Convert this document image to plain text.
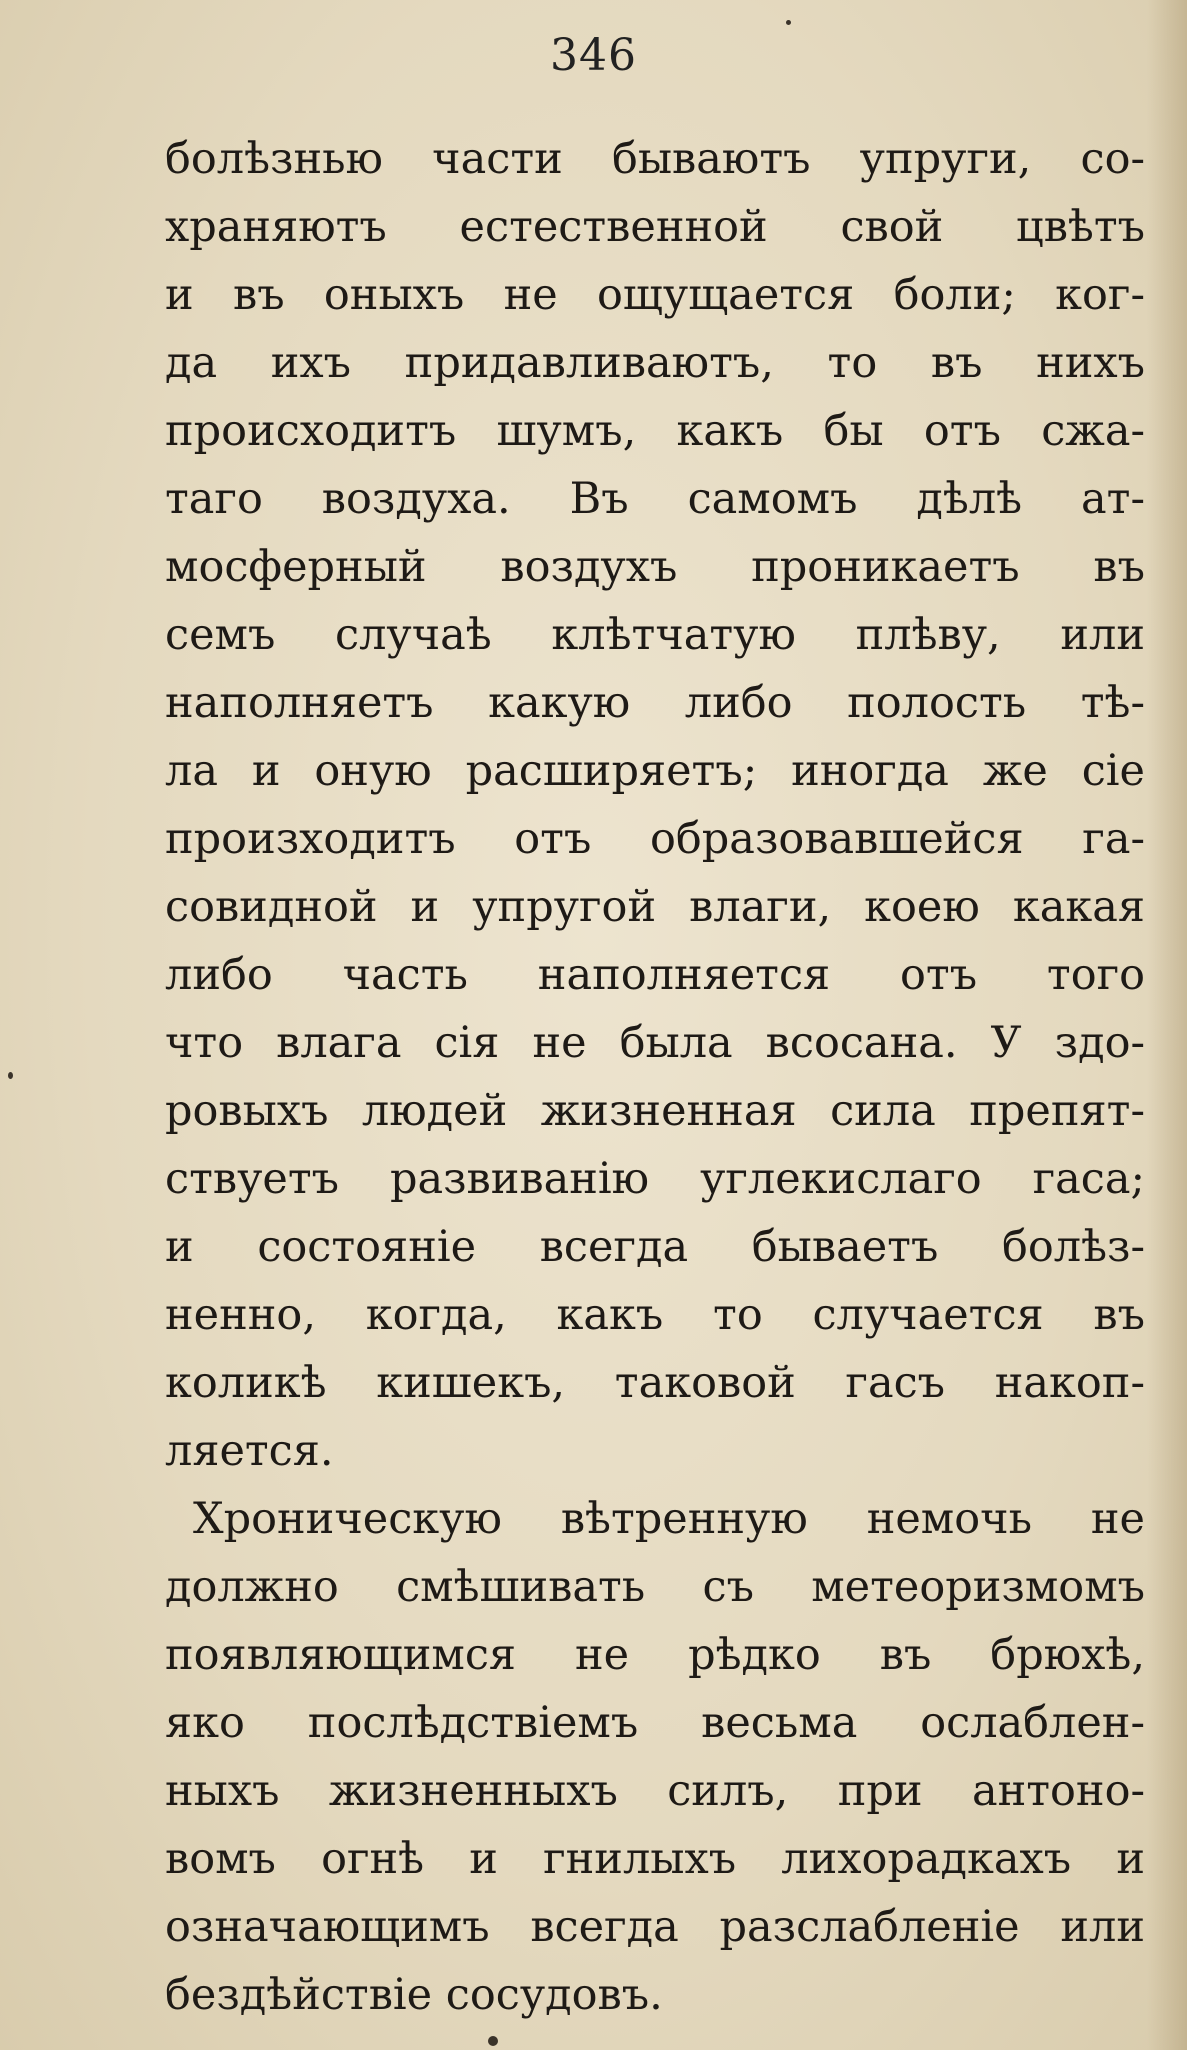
346
болѣзнью части бываютъ упруги, со-
храняютъ естественной свой цвѣтъ
и въ оныхъ не ощущается боли; ког-
да ихъ придавливаютъ, то въ нихъ
происходитъ шумъ, какъ бы отъ сжа-
таго воздуха. Въ самомъ дѣлѣ ат-
мосферный воздухъ проникаетъ въ
семъ случаѣ клѣтчатую плѣву, или
наполняетъ какую либо полость тѣ-
ла и оную расширяетъ; иногда же сіе
произходитъ отъ образовавшейся га-
совидной и упругой влаги, коею какая
либо часть наполняется отъ того
что влага сія не была всосана. У здо-
ровыхъ людей жизненная сила препят-
ствуетъ развиванію углекислаго гаса;
и состояніе всегда бываетъ болѣз-
ненно, когда, какъ то случается въ
коликѣ кишекъ, таковой гасъ накоп-
ляется.
Хроническую вѣтренную немочь не
должно смѣшивать съ метеоризмомъ
появляющимся не рѣдко въ брюхѣ,
яко послѣдствіемъ весьма ослаблен-
ныхъ жизненныхъ силъ, при антоно-
вомъ огнѣ и гнилыхъ лихорадкахъ и
означающимъ всегда разслабленіе или
бездѣйствіе сосудовъ.
